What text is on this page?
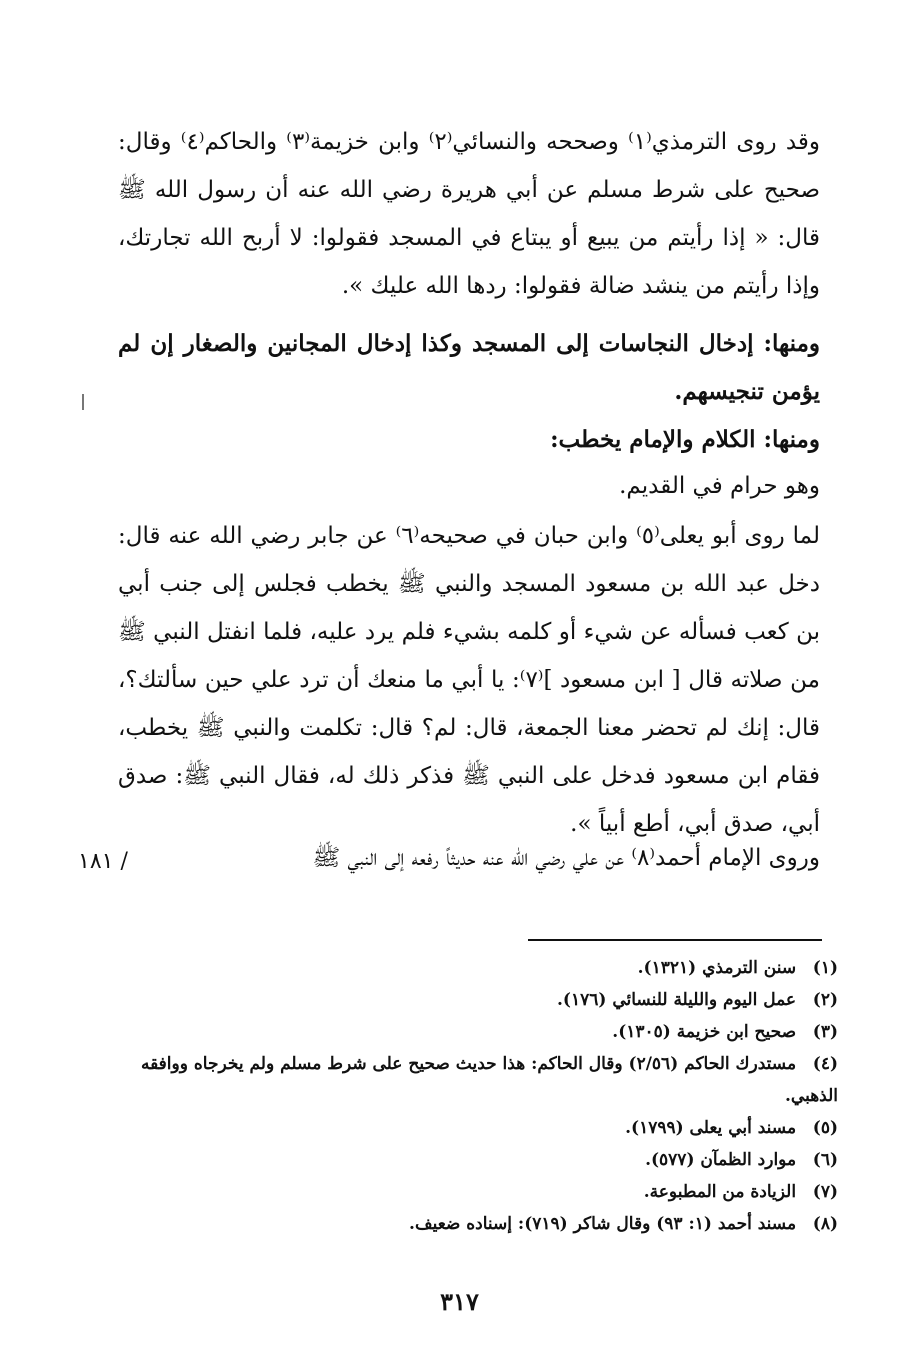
وقد روى الترمذي⁽١⁾ وصححه والنسائي⁽٢⁾ وابن خزيمة⁽٣⁾ والحاكم⁽٤⁾ وقال: صحيح على شرط مسلم عن أبي هريرة رضي الله عنه أن رسول الله ﷺ قال: « إذا رأيتم من يبيع أو يبتاع في المسجد فقولوا: لا أربح الله تجارتك، وإذا رأيتم من ينشد ضالة فقولوا: ردها الله عليك ».

ومنها: إدخال النجاسات إلى المسجد وكذا إدخال المجانين والصغار إن لم يؤمن تنجيسهم.

ومنها: الكلام والإمام يخطب:

وهو حرام في القديم.

لما روى أبو يعلى⁽٥⁾ وابن حبان في صحيحه⁽٦⁾ عن جابر رضي الله عنه قال: دخل عبد الله بن مسعود المسجد والنبي ﷺ يخطب فجلس إلى جنب أبي بن كعب فسأله عن شيء أو كلمه بشيء فلم يرد عليه، فلما انفتل النبي ﷺ من صلاته قال [ ابن مسعود ]⁽٧⁾: يا أبي ما منعك أن ترد علي حين سألتك؟، قال: إنك لم تحضر معنا الجمعة، قال: لم؟ قال: تكلمت والنبي ﷺ يخطب، فقام ابن مسعود فدخل على النبي ﷺ فذكر ذلك له، فقال النبي ﷺ: صدق أبي، صدق أبي، أطع أبياً ».

وروى الإمام أحمد⁽٨⁾ عن علي رضي الله عنه حديثاً رفعه إلى النبي ﷺ

١٨١ /

(١) سنن الترمذي (١٣٢١).

(٢) عمل اليوم والليلة للنسائي (١٧٦).

(٣) صحيح ابن خزيمة (١٣٠٥).

(٤) مستدرك الحاكم (٢/٥٦) وقال الحاكم: هذا حديث صحيح على شرط مسلم ولم يخرجاه ووافقه الذهبي.

(٥) مسند أبي يعلى (١٧٩٩).

(٦) موارد الظمآن (٥٧٧).

(٧) الزيادة من المطبوعة.

(٨) مسند أحمد (١: ٩٣) وقال شاكر (٧١٩): إسناده ضعيف.

٣١٧
